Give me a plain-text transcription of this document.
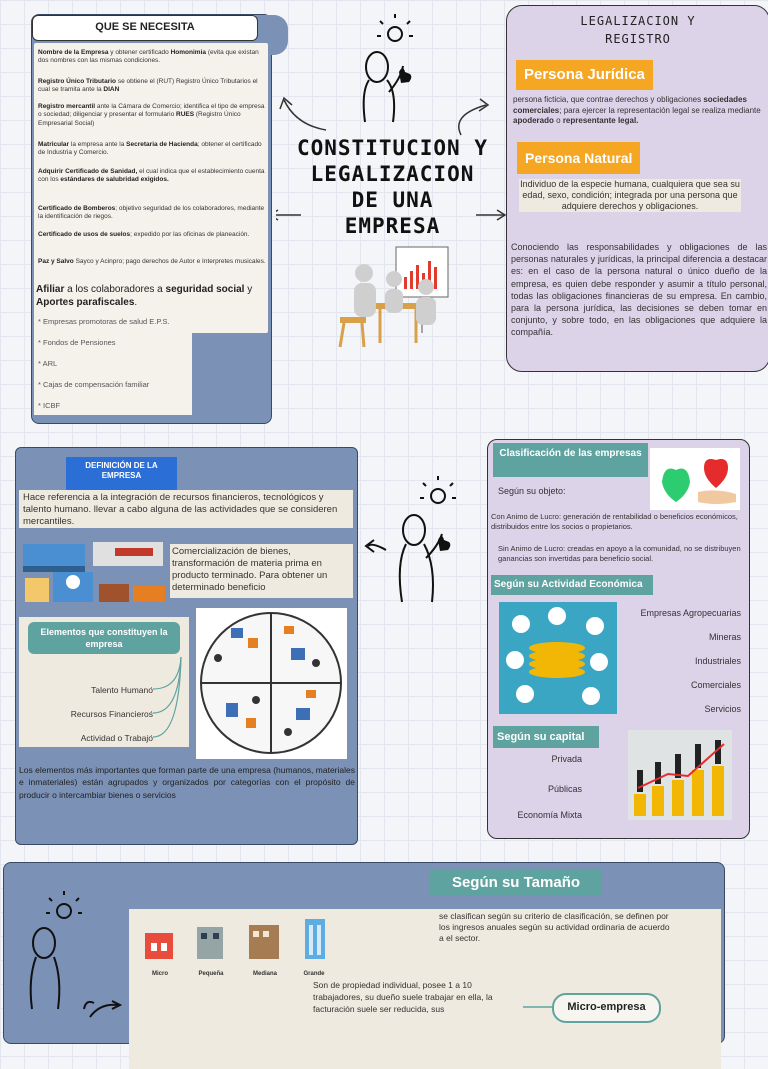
QUE SE NECESITA
Nombre de la Empresa y obtener certificado Homonimia (evita que existan dos nombres con las mismas condiciones.
Registro Único Tributario se obtiene el (RUT) Registro Único Tributarios el cual se tramita ante la DIAN
Registro mercantil ante la Cámara de Comercio; identifica el tipo de empresa o sociedad; diligenciar y presentar el formulario RUES (Registro Único Empresarial Social)
Matricular la empresa ante la Secretaria de Hacienda; obtener el certificado de Industria y Comercio.
Adquirir Certificado de Sanidad, el cual indica que el establecimiento cuenta con los estándares de salubridad exigidos.
Certificado de Bomberos; objetivo seguridad de los colaboradores, mediante la identificación de riegos.
Certificado de usos de suelos; expedido por las oficinas de planeación.
Paz y Salvo Sayco y Acinpro; pago derechos de Autor e Interpretes musicales.
Afiliar a los colaboradores a seguridad social y Aportes parafiscales.
* Empresas promotoras de salud E.P.S.
* Fondos de Pensiones
* ARL
* Cajas de compensación familiar
* ICBF
CONSTITUCION Y
LEGALIZACION
DE UNA
EMPRESA
LEGALIZACION Y
REGISTRO
Persona Jurídica
persona ficticia, que contrae derechos y obligaciones sociedades comerciales; para ejercer la representación legal se realiza mediante apoderado o representante legal.
Persona Natural
Individuo de la especie humana, cualquiera que sea su edad, sexo, condición; integrada por una persona que adquiere derechos y obligaciones.
Conociendo las responsabilidades y obligaciones de las personas naturales y jurídicas, la principal diferencia a destacar es: en el caso de la persona natural o único dueño de la empresa, es quien debe responder y asumir a título personal, todas las obligaciones financieras de su empresa. En cambio, para la persona jurídica, las decisiones se deben tomar en conjunto, y sobre todo, en las obligaciones que adquiere la compañía.
DEFINICIÓN DE LA EMPRESA
Hace referencia a la integración de recursos financieros, tecnológicos y talento humano. llevar a cabo alguna de las actividades que se consideren mercantiles.
Comercialización de bienes, transformación de materia prima en producto terminado. Para obtener un determinado beneficio
Elementos que constituyen la empresa
Talento Humano
Recursos Financieros
Actividad o Trabajo
Los elementos más importantes que forman parte de una empresa (humanos, materiales e inmateriales) están agrupados y organizados por categorías con el propósito de producir o intercambiar bienes o servicios
Clasificación de las empresas
Según su objeto:
Con Animo de Lucro: generación de rentabilidad o beneficios económicos, distribuidos entre los socios o propietarios.
Sin Animo de Lucro: creadas en apoyo a la comunidad, no se distribuyen ganancias son invertidas para beneficio social.
Según su Actividad Económica
Empresas Agropecuarias
Mineras
Industriales
Comerciales
Servicios
Según su capital
Privada
Públicas
Economía Mixta
Según su Tamaño
Micro	Pequeña	Mediana	Grande
se clasifican según su criterio de clasificación, se definen por los ingresos anuales según su actividad ordinaria de acuerdo a el sector.
Son de propiedad individual, posee 1 a 10 trabajadores, su dueño suele trabajar en ella, la facturación suele ser reducida, sus	Micro-empresa
